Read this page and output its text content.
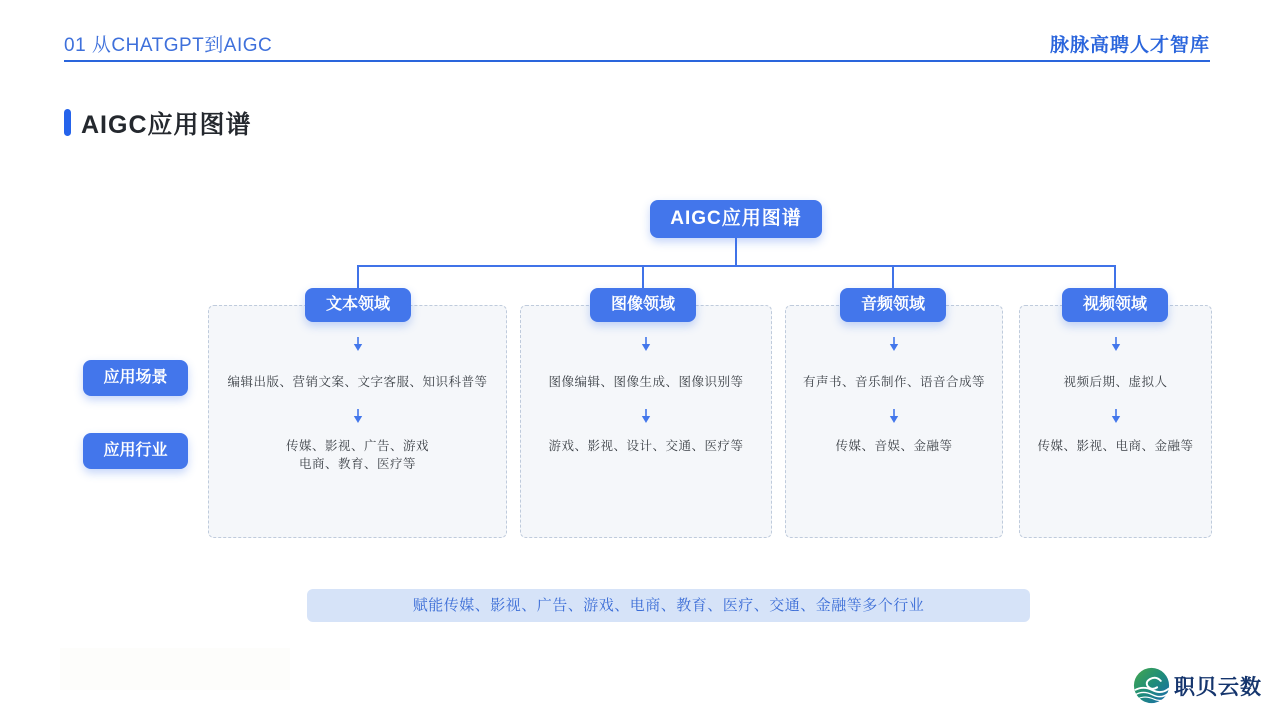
01 从CHATGPT到AIGC	脉脉高聘人才智库
AIGC应用图谱
AIGC应用图谱
文本领域	图像领域	音频领域	视频领域
应用场景
应用行业
编辑出版、营销文案、文字客服、知识科普等
传媒、影视、广告、游戏
电商、教育、医疗等
图像编辑、图像生成、图像识别等
游戏、影视、设计、交通、医疗等
有声书、音乐制作、语音合成等
传媒、音娱、金融等
视频后期、虚拟人
传媒、影视、电商、金融等
赋能传媒、影视、广告、游戏、电商、教育、医疗、交通、金融等多个行业
职贝云数
